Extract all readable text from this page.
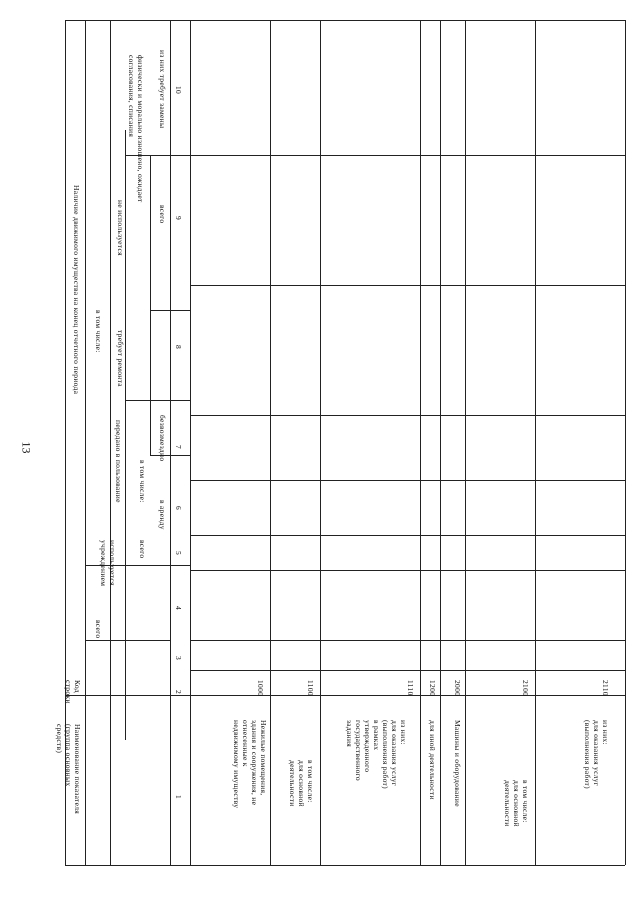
13
Наименование показателя
(группа основных
средств)
Код
строки
Наличие движимого имущества на конец отчетного периода
всего
используется
учреждением
передано в пользование
всего
в том числе:
в аренду
безвозмездно
в том числе: требует ремонта
не используется
физически и морально изношено, ожидает
согласования, списания
всего
из них требует замены
1
2
3
4
5
6
7
8
9
10
Нежилые помещения,
здания и сооружения, не
отнесенные к
недвижимому имуществу
1000
в том числе:
для основной
деятельности
1100
из них:
для оказания услуг
(выполнения работ)
в рамках
утвержденного
государственного
задания
1110
для иной деятельности
1200
Машины и оборудование
2000
в том числе:
для основной
деятельности
2100
из них:
для оказания услуг
(выполнения работ)
2110
